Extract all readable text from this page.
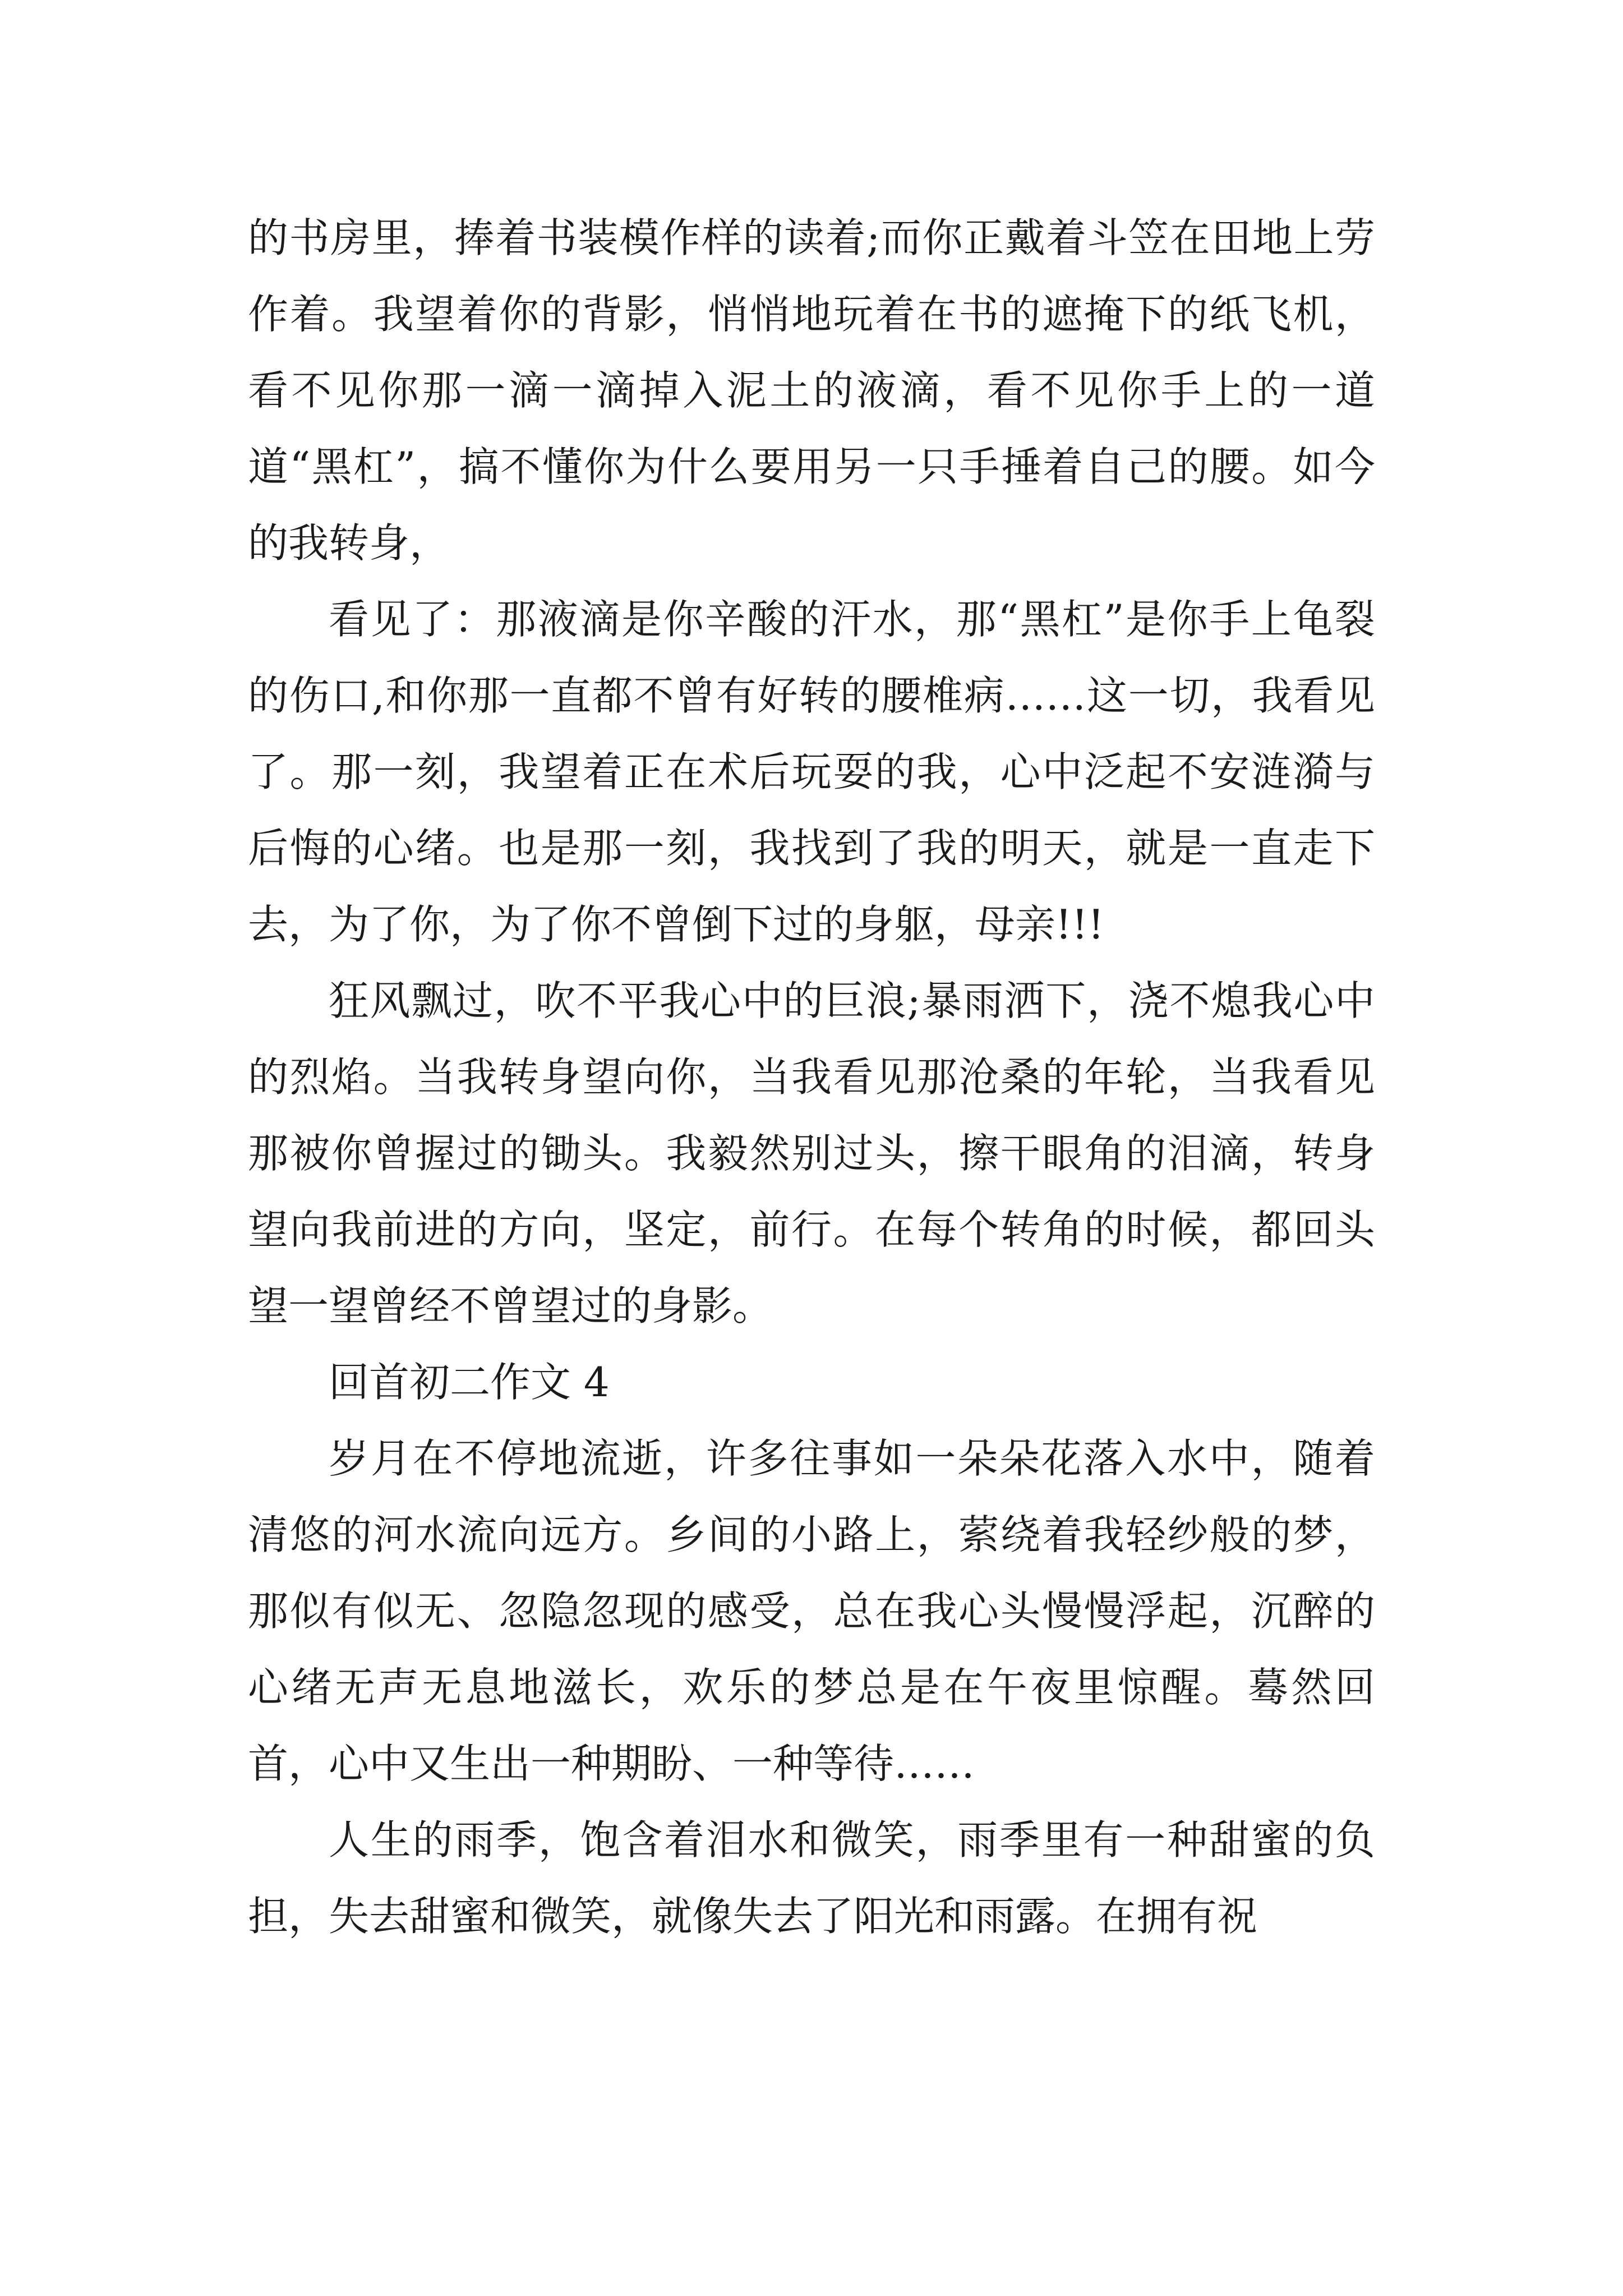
的书房里，捧着书装模作样的读着;而你正戴着斗笠在田地上劳作着。我望着你的背影，悄悄地玩着在书的遮掩下的纸飞机，看不见你那一滴一滴掉入泥土的液滴，看不见你手上的一道道“黑杠”，搞不懂你为什么要用另一只手捶着自己的腰。如今的我转身，

看见了：那液滴是你辛酸的汗水，那“黑杠”是你手上龟裂的伤口,和你那一直都不曾有好转的腰椎病……这一切，我看见了。那一刻，我望着正在术后玩耍的我，心中泛起不安涟漪与后悔的心绪。也是那一刻，我找到了我的明天，就是一直走下去，为了你，为了你不曾倒下过的身躯，母亲!!!

狂风飘过，吹不平我心中的巨浪;暴雨洒下，浇不熄我心中的烈焰。当我转身望向你，当我看见那沧桑的年轮，当我看见那被你曾握过的锄头。我毅然别过头，擦干眼角的泪滴，转身望向我前进的方向，坚定，前行。在每个转角的时候，都回头望一望曾经不曾望过的身影。

回首初二作文 4

岁月在不停地流逝，许多往事如一朵朵花落入水中，随着清悠的河水流向远方。乡间的小路上，萦绕着我轻纱般的梦，那似有似无、忽隐忽现的感受，总在我心头慢慢浮起，沉醉的心绪无声无息地滋长，欢乐的梦总是在午夜里惊醒。蓦然回首，心中又生出一种期盼、一种等待……

人生的雨季，饱含着泪水和微笑，雨季里有一种甜蜜的负担，失去甜蜜和微笑，就像失去了阳光和雨露。在拥有祝
